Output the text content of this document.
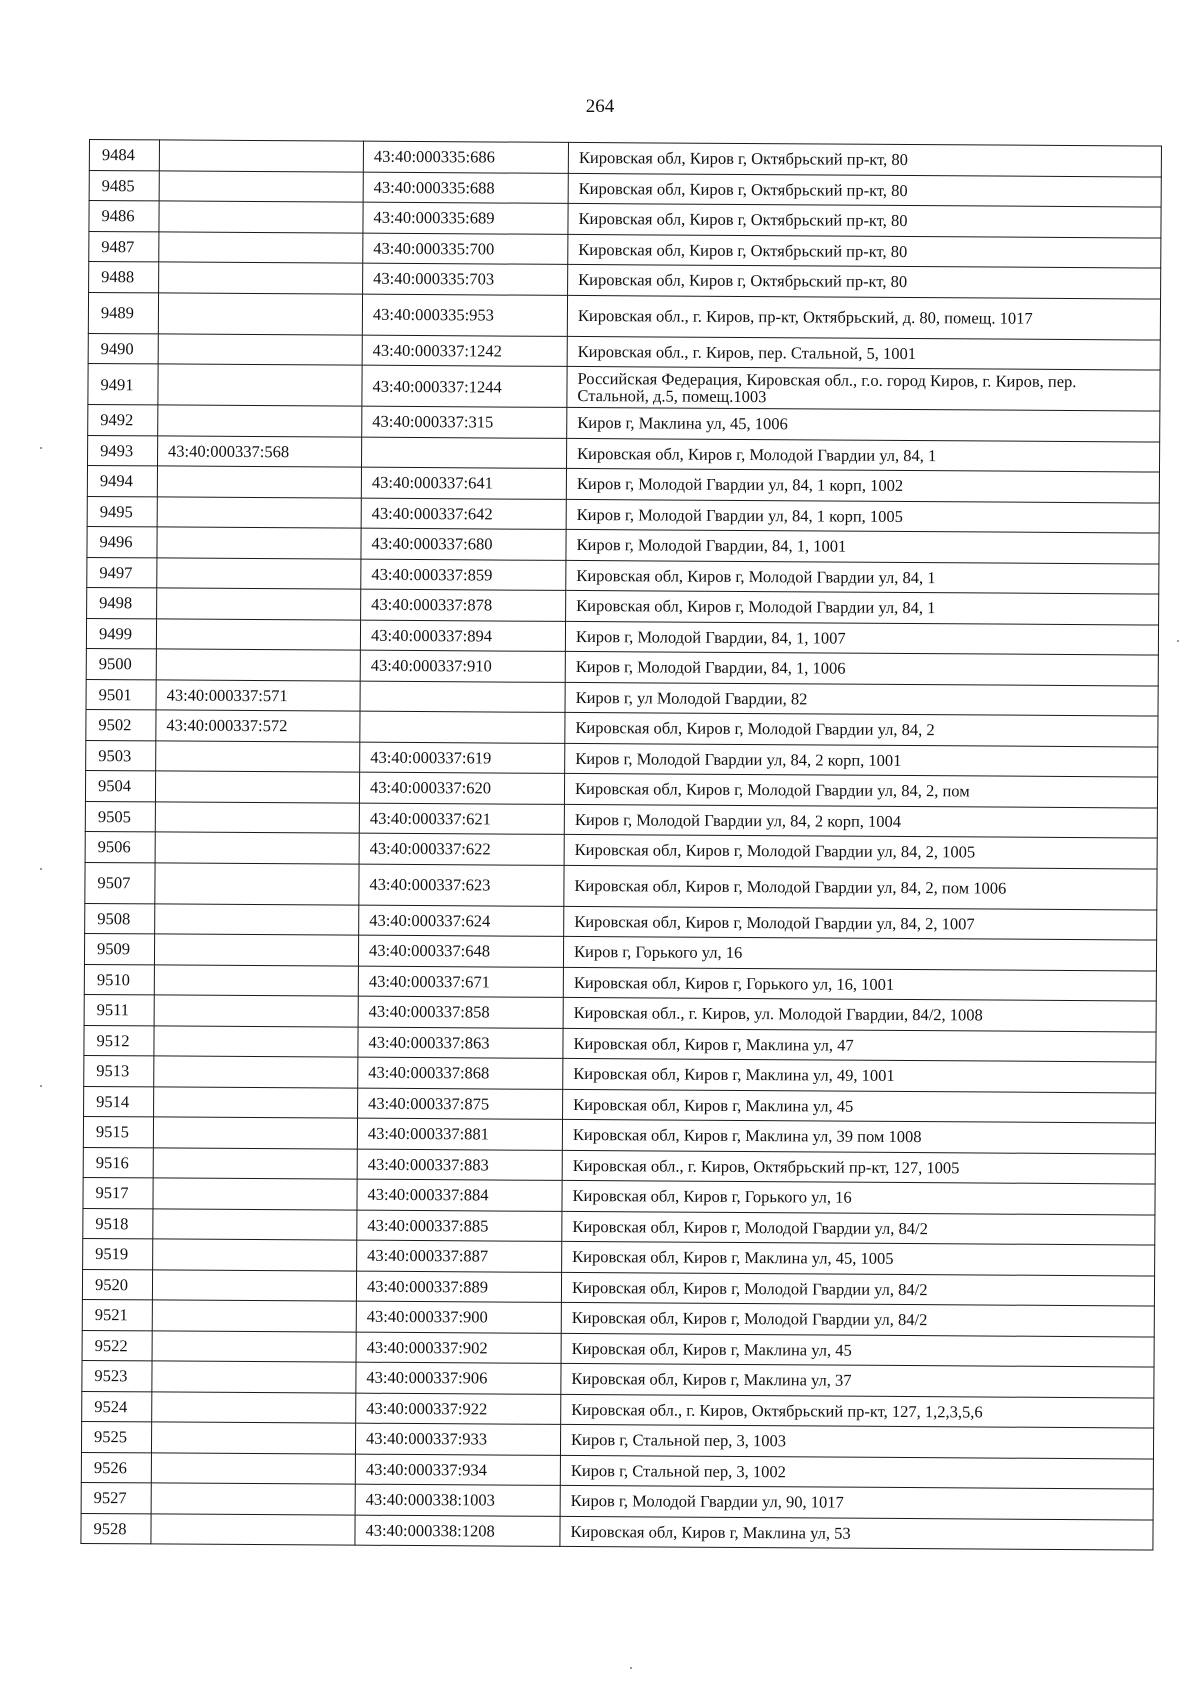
264
9484		43:40:000335:686	Кировская обл, Киров г, Октябрьский пр-кт, 80
9485		43:40:000335:688	Кировская обл, Киров г, Октябрьский пр-кт, 80
9486		43:40:000335:689	Кировская обл, Киров г, Октябрьский пр-кт, 80
9487		43:40:000335:700	Кировская обл, Киров г, Октябрьский пр-кт, 80
9488		43:40:000335:703	Кировская обл, Киров г, Октябрьский пр-кт, 80
9489		43:40:000335:953	Кировская обл., г. Киров, пр-кт, Октябрьский, д. 80, помещ. 1017
9490		43:40:000337:1242	Кировская обл., г. Киров, пер. Стальной, 5, 1001
9491		43:40:000337:1244	Российская Федерация, Кировская обл., г.о. город Киров, г. Киров, пер. Стальной, д.5, помещ.1003
9492		43:40:000337:315	Киров г, Маклина ул, 45, 1006
9493	43:40:000337:568		Кировская обл, Киров г, Молодой Гвардии ул, 84, 1
9494		43:40:000337:641	Киров г, Молодой Гвардии ул, 84, 1 корп, 1002
9495		43:40:000337:642	Киров г, Молодой Гвардии ул, 84, 1 корп, 1005
9496		43:40:000337:680	Киров г, Молодой Гвардии, 84, 1, 1001
9497		43:40:000337:859	Кировская обл, Киров г, Молодой Гвардии ул, 84, 1
9498		43:40:000337:878	Кировская обл, Киров г, Молодой Гвардии ул, 84, 1
9499		43:40:000337:894	Киров г, Молодой Гвардии, 84, 1, 1007
9500		43:40:000337:910	Киров г, Молодой Гвардии, 84, 1, 1006
9501	43:40:000337:571		Киров г, ул Молодой Гвардии, 82
9502	43:40:000337:572		Кировская обл, Киров г, Молодой Гвардии ул, 84, 2
9503		43:40:000337:619	Киров г, Молодой Гвардии ул, 84, 2 корп, 1001
9504		43:40:000337:620	Кировская обл, Киров г, Молодой Гвардии ул, 84, 2, пом
9505		43:40:000337:621	Киров г, Молодой Гвардии ул, 84, 2 корп, 1004
9506		43:40:000337:622	Кировская обл, Киров г, Молодой Гвардии ул, 84, 2, 1005
9507		43:40:000337:623	Кировская обл, Киров г, Молодой Гвардии ул, 84, 2, пом 1006
9508		43:40:000337:624	Кировская обл, Киров г, Молодой Гвардии ул, 84, 2, 1007
9509		43:40:000337:648	Киров г, Горького ул, 16
9510		43:40:000337:671	Кировская обл, Киров г, Горького ул, 16, 1001
9511		43:40:000337:858	Кировская обл., г. Киров, ул. Молодой Гвардии, 84/2, 1008
9512		43:40:000337:863	Кировская обл, Киров г, Маклина ул, 47
9513		43:40:000337:868	Кировская обл, Киров г, Маклина ул, 49, 1001
9514		43:40:000337:875	Кировская обл, Киров г, Маклина ул, 45
9515		43:40:000337:881	Кировская обл, Киров г, Маклина ул, 39 пом 1008
9516		43:40:000337:883	Кировская обл., г. Киров, Октябрьский пр-кт, 127, 1005
9517		43:40:000337:884	Кировская обл, Киров г, Горького ул, 16
9518		43:40:000337:885	Кировская обл, Киров г, Молодой Гвардии ул, 84/2
9519		43:40:000337:887	Кировская обл, Киров г, Маклина ул, 45, 1005
9520		43:40:000337:889	Кировская обл, Киров г, Молодой Гвардии ул, 84/2
9521		43:40:000337:900	Кировская обл, Киров г, Молодой Гвардии ул, 84/2
9522		43:40:000337:902	Кировская обл, Киров г, Маклина ул, 45
9523		43:40:000337:906	Кировская обл, Киров г, Маклина ул, 37
9524		43:40:000337:922	Кировская обл., г. Киров, Октябрьский пр-кт, 127, 1,2,3,5,6
9525		43:40:000337:933	Киров г, Стальной пер, 3, 1003
9526		43:40:000337:934	Киров г, Стальной пер, 3, 1002
9527		43:40:000338:1003	Киров г, Молодой Гвардии ул, 90, 1017
9528		43:40:000338:1208	Кировская обл, Киров г, Маклина ул, 53
